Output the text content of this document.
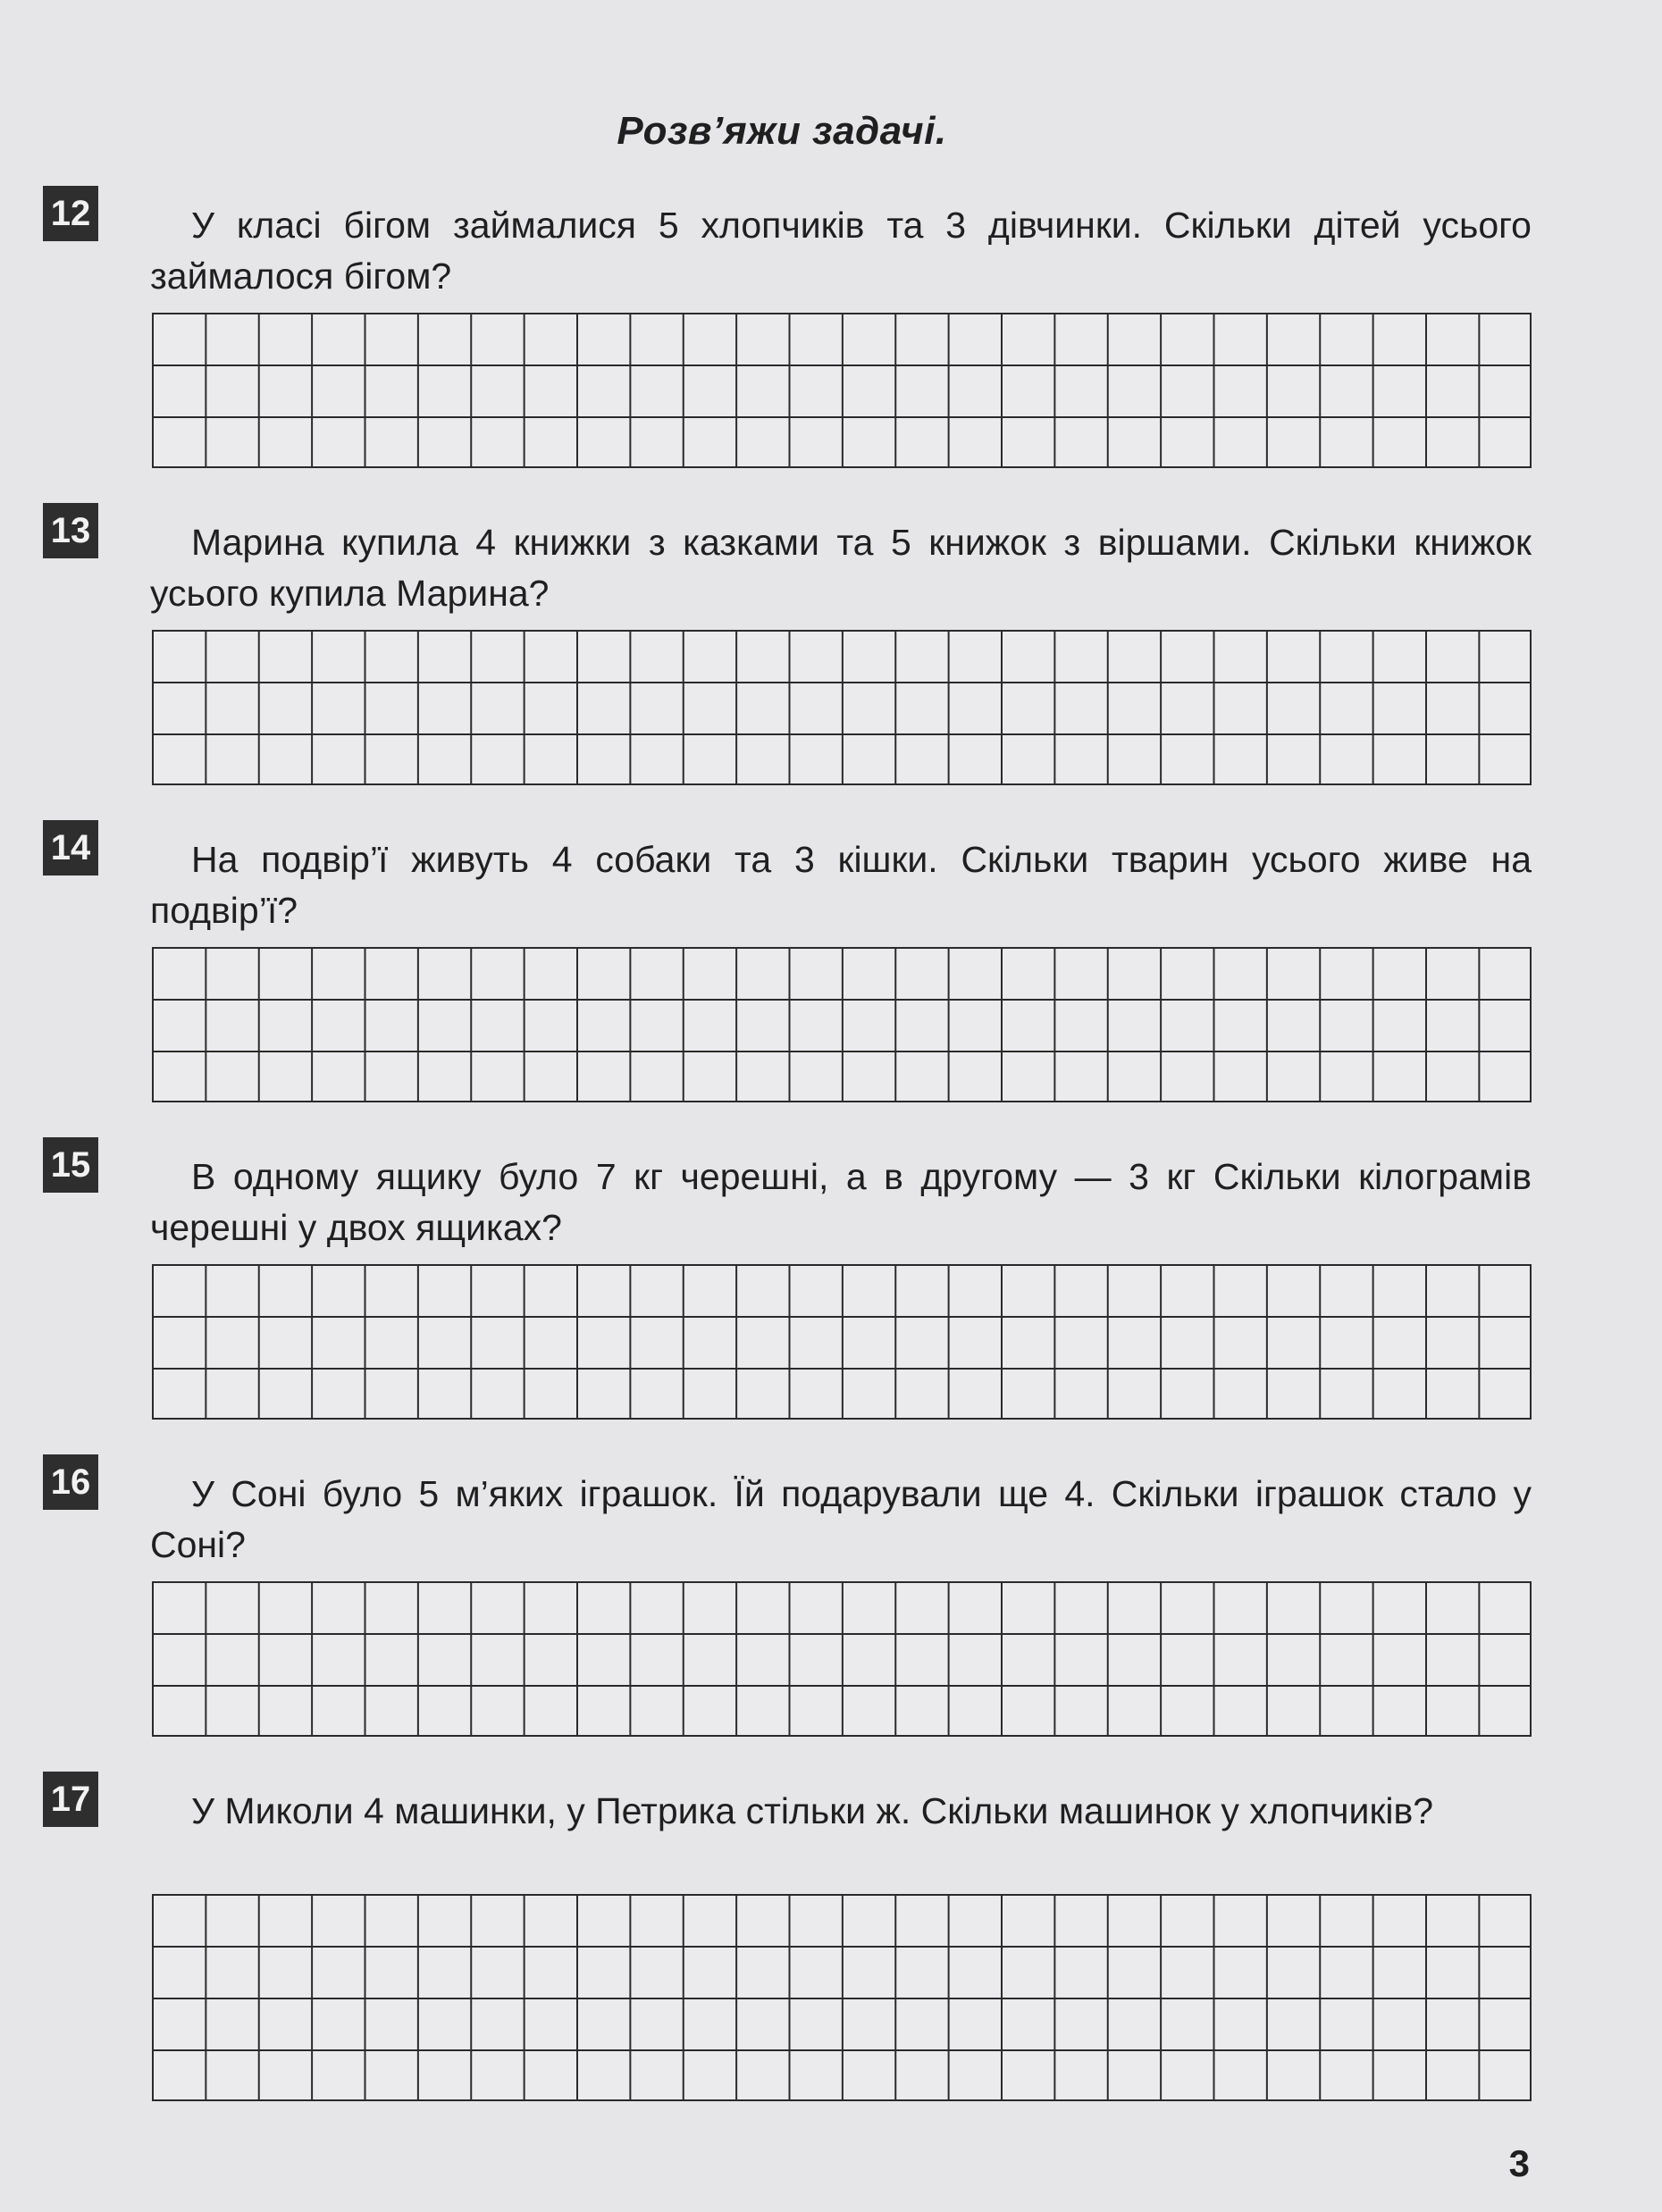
Розв’яжи задачі.
12	У класі бігом займалися 5 хлопчиків та 3 дівчинки. Скільки дітей усього займалося бігом?

13	Марина купила 4 книжки з казками та 5 книжок з віршами. Скільки книжок усього купила Марина?

14	На подвір’ї живуть 4 собаки та 3 кішки. Скільки тварин усього живе на подвір’ї?

15	В одному ящику було 7 кг черешні, а в другому — 3 кг Скільки кілограмів черешні у двох ящиках?

16	У Соні було 5 м’яких іграшок. Їй подарували ще 4. Скільки іграшок стало у Соні?

17	У Миколи 4 машинки, у Петрика стільки ж. Скільки машинок у хлопчиків?

3
